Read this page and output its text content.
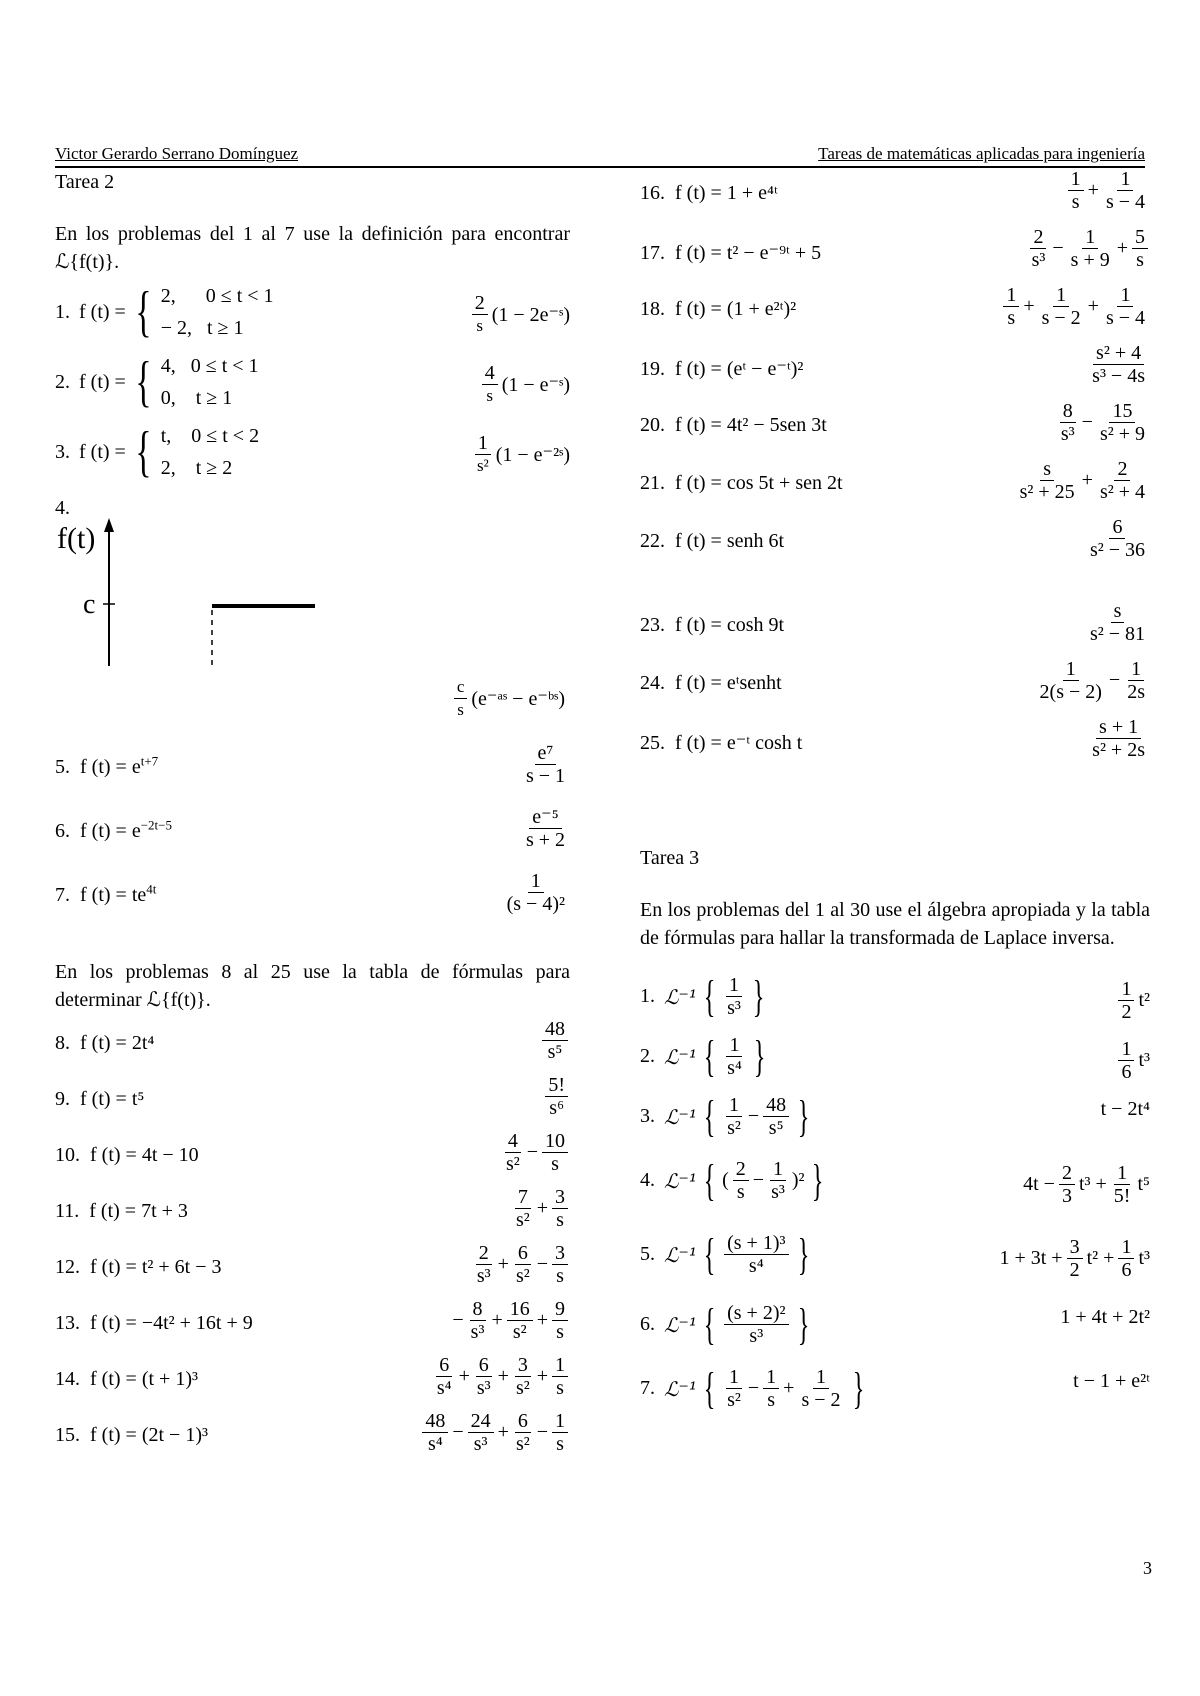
Victor Gerardo Serrano Domínguez	Tareas de matemáticas aplicadas para ingeniería
Tarea 2
En los problemas del 1 al 7 use la definición para encontrar ℒ{f(t)}.
1.
f (t) = { 2,      0 ≤ t < 1
− 2,   t ≥ 1	$\frac{2}{s} (1$ − 2e⁻ˢ)
2.
f (t) = { 4,   0 ≤ t < 1
0,    t ≥ 1	$\frac{4}{s} (1$ − e⁻ˢ)
3.
f (t) = { t,    0 ≤ t < 2
2,    t ≥ 2	$\frac{1}{\text{s²}} (1$ − e⁻²ˢ)
4.
f(t)
c
$\frac{c}{s}$ (e⁻ᵃˢ − e⁻ᵇˢ)
5. f $(t) = e^{t+7}$	$\frac{\text{e⁷}}{s - 1}$
6. f $(t) = e^{-2t-5}$	$\frac{\text{e⁻⁵}}{s + 2}$
7. f $(t) = te^{4t}$	$\frac{1}{\text{(s − 4)²}}$
En los problemas 8 al 25 use la tabla de fórmulas para determinar ℒ{f(t)}.
8. f (t) = 2t⁴	$\frac{48}{\text{s⁵}}$
9. f (t) = t⁵	$\frac{5!}{\text{s⁶}}$
10. f (t) = 4t − 10	$\frac{4}{\text{s²}} - \frac{10}{s}$
11. f (t) = 7t + 3	$\frac{7}{\text{s²}} + \frac{3}{s}$
12. f (t) = t² + 6t − 3	$\frac{2}{\text{s³}} + \frac{6}{\text{s²}} - \frac{3}{s}$
13. f (t) = −4t² + 16t + 9	− $\frac{8}{\text{s³}} + \frac{16}{\text{s²}} + \frac{9}{s}$
14. f (t) = (t + 1)³	$\frac{6}{\text{s⁴}} + \frac{6}{\text{s³}} + \frac{3}{\text{s²}} + \frac{1}{s}$
15. f (t) = (2t − 1)³	$\frac{48}{\text{s⁴}} - \frac{24}{\text{s³}} + \frac{6}{\text{s²}} - \frac{1}{s}$
16. f (t) = 1 + e⁴ᵗ	$\frac{1}{s} + \frac{1}{s - 4}$
17. f (t) = t² − e⁻⁹ᵗ + 5	$\frac{2}{\text{s³}} - \frac{1}{s + 9} + \frac{5}{s}$
18. f (t) = (1 + e²ᵗ)²	$\frac{1}{s} + \frac{1}{s - 2} + \frac{1}{s - 4}$
19. f (t) = (eᵗ − e⁻ᵗ)²	$\frac{\text{s² + 4}}{\text{s³ − 4s}}$
20. f (t) = 4t² − 5sen 3t	$\frac{8}{\text{s³}} - \frac{15}{\text{s² + 9}}$
21. f (t) = cos 5t + sen 2t	$\frac{s}{\text{s² + 25}} + \frac{2}{\text{s² + 4}}$
22. f (t) = senh 6t	$\frac{6}{\text{s² − 36}}$
23. f (t) = cosh 9t	$\frac{s}{\text{s² − 81}}$
24. f (t) = eᵗsenht	$\frac{1}{2(s - 2)} - \frac{1}{2s}$
25. f (t) = e⁻ᵗ cosh t	$\frac{s + 1}{\text{s² + 2s}}$
Tarea 3
En los problemas del 1 al 30 use el álgebra apropiada y la tabla de fórmulas para hallar la transformada de Laplace inversa.
1.
ℒ⁻¹ { $\frac{1}{\text{s³}}$ }	$\frac{1}{2} t^2$
2.
ℒ⁻¹ { $\frac{1}{\text{s⁴}}$ }	$\frac{1}{6} t^3$
3.
ℒ⁻¹ { $\frac{1}{\text{s²}} - \frac{48}{\text{s⁵}}$ }	t − 2t⁴
4.
ℒ⁻¹ { ( $\frac{2}{s} - \frac{1}{\text{s³}} )^2$ }	$4t - \frac{2}{3} t^3 + \frac{1}{5!} t^5$
5.
ℒ⁻¹ { $\frac{\text{(s + 1)³}}{\text{s⁴}}$ }	$1 + 3t + \frac{3}{2} t^2 + \frac{1}{6} t^3$
6.
ℒ⁻¹ { $\frac{\text{(s + 2)²}}{\text{s³}}$ }	1 + 4t + 2t²
7.
ℒ⁻¹ { $\frac{1}{\text{s²}} - \frac{1}{s} + \frac{1}{s - 2}$ }	t − 1 + e²ᵗ
3
